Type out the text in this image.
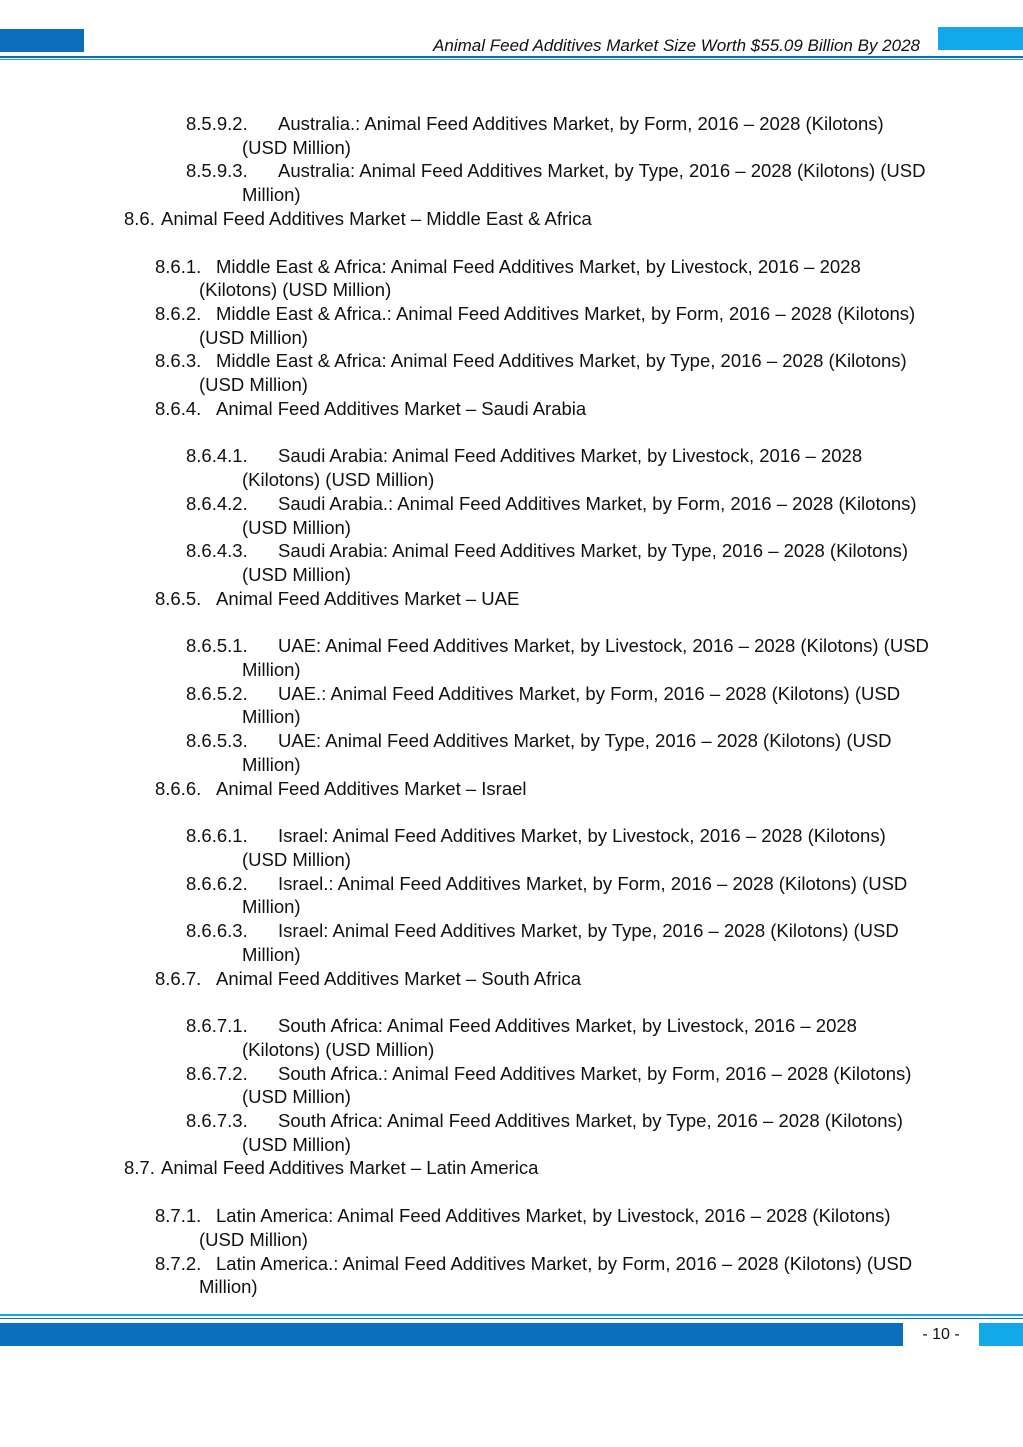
Animal Feed Additives Market Size Worth $55.09 Billion By 2028
8.5.9.2.	Australia.: Animal Feed Additives Market, by Form, 2016 – 2028 (Kilotons) (USD Million)
8.5.9.3.	Australia: Animal Feed Additives Market, by Type, 2016 – 2028 (Kilotons) (USD Million)
8.6. Animal Feed Additives Market – Middle East & Africa
8.6.1. Middle East & Africa: Animal Feed Additives Market, by Livestock, 2016 – 2028 (Kilotons) (USD Million)
8.6.2. Middle East & Africa.: Animal Feed Additives Market, by Form, 2016 – 2028 (Kilotons) (USD Million)
8.6.3. Middle East & Africa: Animal Feed Additives Market, by Type, 2016 – 2028 (Kilotons) (USD Million)
8.6.4. Animal Feed Additives Market – Saudi Arabia
8.6.4.1.	Saudi Arabia: Animal Feed Additives Market, by Livestock, 2016 – 2028 (Kilotons) (USD Million)
8.6.4.2.	Saudi Arabia.: Animal Feed Additives Market, by Form, 2016 – 2028 (Kilotons) (USD Million)
8.6.4.3.	Saudi Arabia: Animal Feed Additives Market, by Type, 2016 – 2028 (Kilotons) (USD Million)
8.6.5. Animal Feed Additives Market – UAE
8.6.5.1.	UAE: Animal Feed Additives Market, by Livestock, 2016 – 2028 (Kilotons) (USD Million)
8.6.5.2.	UAE.: Animal Feed Additives Market, by Form, 2016 – 2028 (Kilotons) (USD Million)
8.6.5.3.	UAE: Animal Feed Additives Market, by Type, 2016 – 2028 (Kilotons) (USD Million)
8.6.6. Animal Feed Additives Market – Israel
8.6.6.1.	Israel: Animal Feed Additives Market, by Livestock, 2016 – 2028 (Kilotons) (USD Million)
8.6.6.2.	Israel.: Animal Feed Additives Market, by Form, 2016 – 2028 (Kilotons) (USD Million)
8.6.6.3.	Israel: Animal Feed Additives Market, by Type, 2016 – 2028 (Kilotons) (USD Million)
8.6.7. Animal Feed Additives Market – South Africa
8.6.7.1.	South Africa: Animal Feed Additives Market, by Livestock, 2016 – 2028 (Kilotons) (USD Million)
8.6.7.2.	South Africa.: Animal Feed Additives Market, by Form, 2016 – 2028 (Kilotons) (USD Million)
8.6.7.3.	South Africa: Animal Feed Additives Market, by Type, 2016 – 2028 (Kilotons) (USD Million)
8.7. Animal Feed Additives Market – Latin America
8.7.1. Latin America: Animal Feed Additives Market, by Livestock, 2016 – 2028 (Kilotons) (USD Million)
8.7.2. Latin America.: Animal Feed Additives Market, by Form, 2016 – 2028 (Kilotons) (USD Million)
- 10 -
